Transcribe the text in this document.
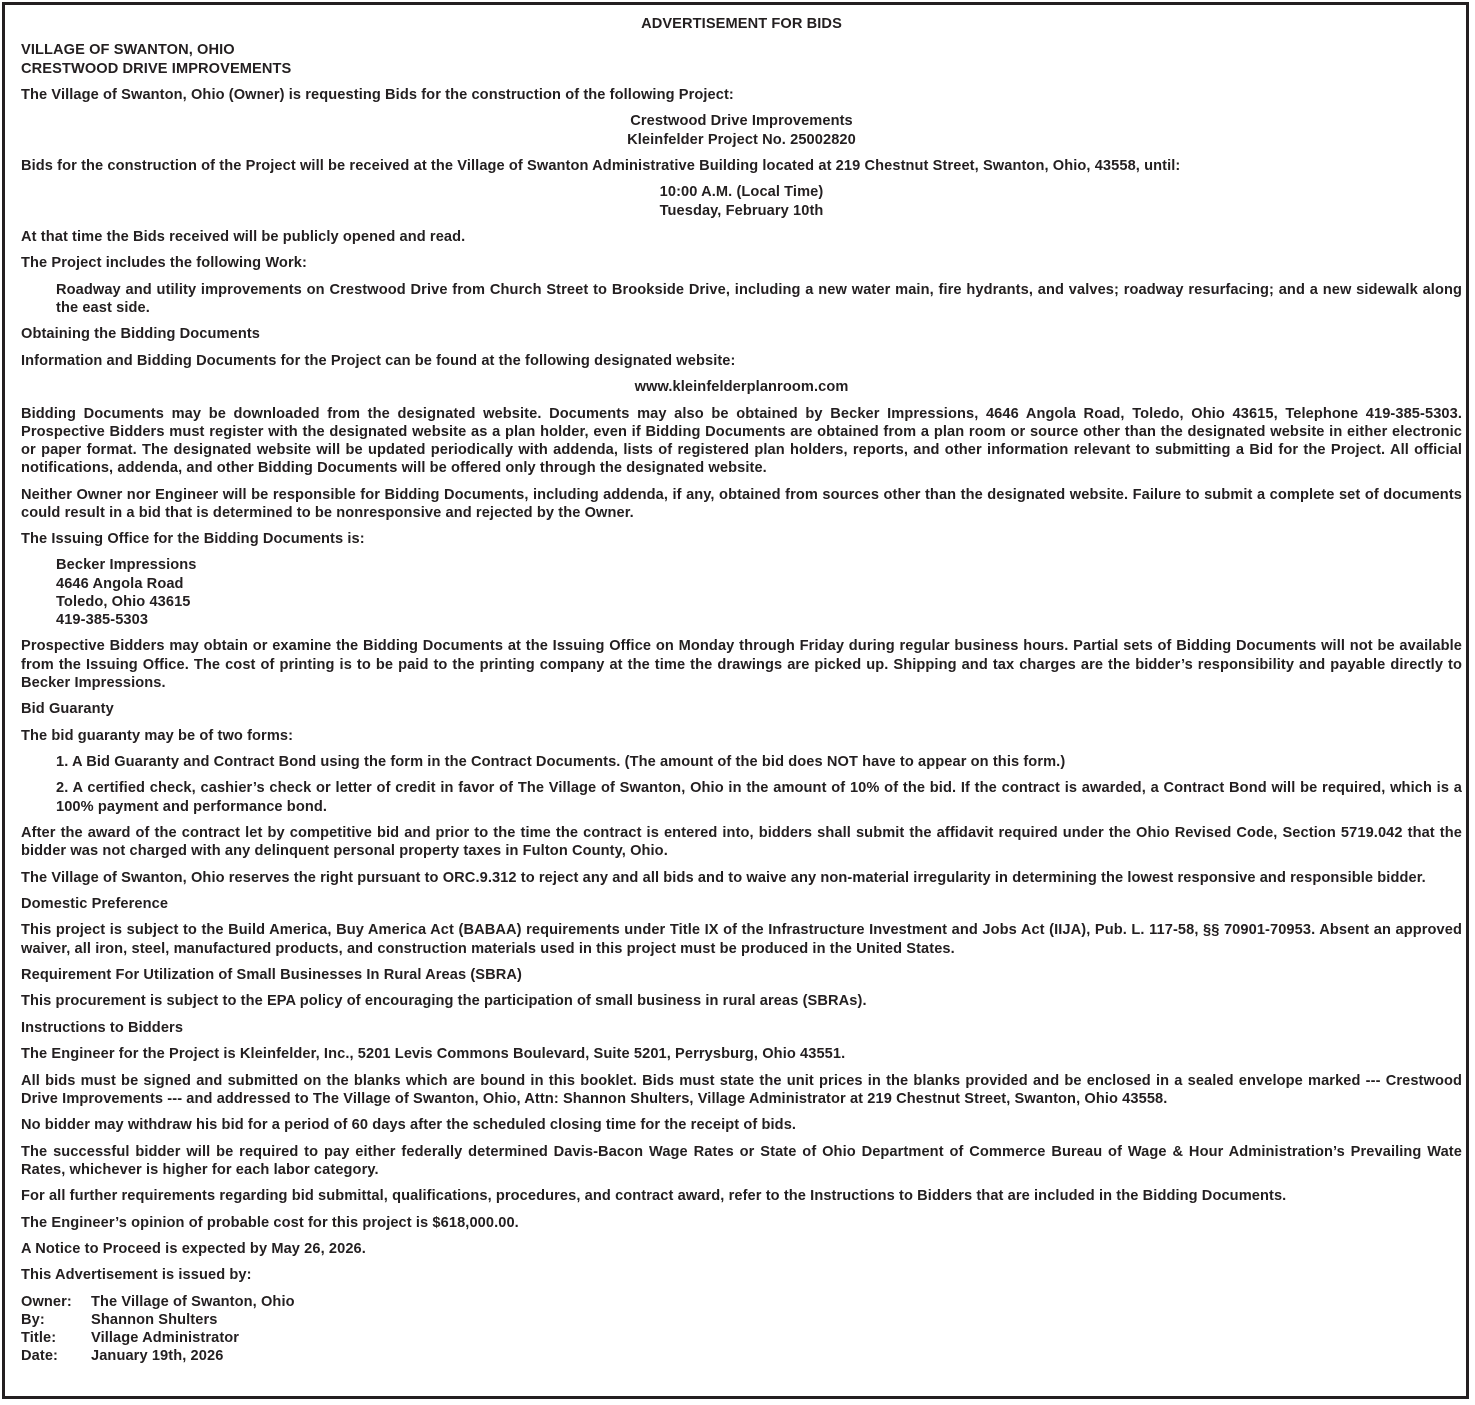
ADVERTISEMENT FOR BIDS

VILLAGE OF SWANTON, OHIO
CRESTWOOD DRIVE IMPROVEMENTS

The Village of Swanton, Ohio (Owner) is requesting Bids for the construction of the following Project:

Crestwood Drive Improvements
Kleinfelder Project No. 25002820

Bids for the construction of the Project will be received at the Village of Swanton Administrative Building located at 219 Chestnut Street, Swanton, Ohio, 43558, until:

10:00 A.M. (Local Time)
Tuesday, February 10th

At that time the Bids received will be publicly opened and read.

The Project includes the following Work:

Roadway and utility improvements on Crestwood Drive from Church Street to Brookside Drive, including a new water main, fire hydrants, and valves; roadway resurfacing; and a new sidewalk along the east side.

Obtaining the Bidding Documents

Information and Bidding Documents for the Project can be found at the following designated website:

www.kleinfelderplanroom.com

Bidding Documents may be downloaded from the designated website. Documents may also be obtained by Becker Impressions, 4646 Angola Road, Toledo, Ohio 43615, Telephone 419-385-5303. Prospective Bidders must register with the designated website as a plan holder, even if Bidding Documents are obtained from a plan room or source other than the designated website in either electronic or paper format. The designated website will be updated periodically with addenda, lists of registered plan holders, reports, and other information relevant to submitting a Bid for the Project. All official notifications, addenda, and other Bidding Documents will be offered only through the designated website.

Neither Owner nor Engineer will be responsible for Bidding Documents, including addenda, if any, obtained from sources other than the designated website. Failure to submit a complete set of documents could result in a bid that is determined to be nonresponsive and rejected by the Owner.

The Issuing Office for the Bidding Documents is:

Becker Impressions
4646 Angola Road
Toledo, Ohio 43615
419-385-5303

Prospective Bidders may obtain or examine the Bidding Documents at the Issuing Office on Monday through Friday during regular business hours. Partial sets of Bidding Documents will not be available from the Issuing Office. The cost of printing is to be paid to the printing company at the time the drawings are picked up. Shipping and tax charges are the bidder’s responsibility and payable directly to Becker Impressions.

Bid Guaranty

The bid guaranty may be of two forms:

1. A Bid Guaranty and Contract Bond using the form in the Contract Documents. (The amount of the bid does NOT have to appear on this form.)

2. A certified check, cashier’s check or letter of credit in favor of The Village of Swanton, Ohio in the amount of 10% of the bid. If the contract is awarded, a Contract Bond will be required, which is a 100% payment and performance bond.

After the award of the contract let by competitive bid and prior to the time the contract is entered into, bidders shall submit the affidavit required under the Ohio Revised Code, Section 5719.042 that the bidder was not charged with any delinquent personal property taxes in Fulton County, Ohio.

The Village of Swanton, Ohio reserves the right pursuant to ORC.9.312 to reject any and all bids and to waive any non-material irregularity in determining the lowest responsive and responsible bidder.

Domestic Preference

This project is subject to the Build America, Buy America Act (BABAA) requirements under Title IX of the Infrastructure Investment and Jobs Act (IIJA), Pub. L. 117-58, §§ 70901-70953. Absent an approved waiver, all iron, steel, manufactured products, and construction materials used in this project must be produced in the United States.

Requirement For Utilization of Small Businesses In Rural Areas (SBRA)

This procurement is subject to the EPA policy of encouraging the participation of small business in rural areas (SBRAs).

Instructions to Bidders

The Engineer for the Project is Kleinfelder, Inc., 5201 Levis Commons Boulevard, Suite 5201, Perrysburg, Ohio 43551.

All bids must be signed and submitted on the blanks which are bound in this booklet. Bids must state the unit prices in the blanks provided and be enclosed in a sealed envelope marked --- Crestwood Drive Improvements --- and addressed to The Village of Swanton, Ohio, Attn: Shannon Shulters, Village Administrator at 219 Chestnut Street, Swanton, Ohio 43558.

No bidder may withdraw his bid for a period of 60 days after the scheduled closing time for the receipt of bids.

The successful bidder will be required to pay either federally determined Davis-Bacon Wage Rates or State of Ohio Department of Commerce Bureau of Wage & Hour Administration’s Prevailing Wate Rates, whichever is higher for each labor category.

For all further requirements regarding bid submittal, qualifications, procedures, and contract award, refer to the Instructions to Bidders that are included in the Bidding Documents.

The Engineer’s opinion of probable cost for this project is $618,000.00.

A Notice to Proceed is expected by May 26, 2026.

This Advertisement is issued by:

Owner:	The Village of Swanton, Ohio
By:	Shannon Shulters
Title:	Village Administrator
Date:	January 19th, 2026
